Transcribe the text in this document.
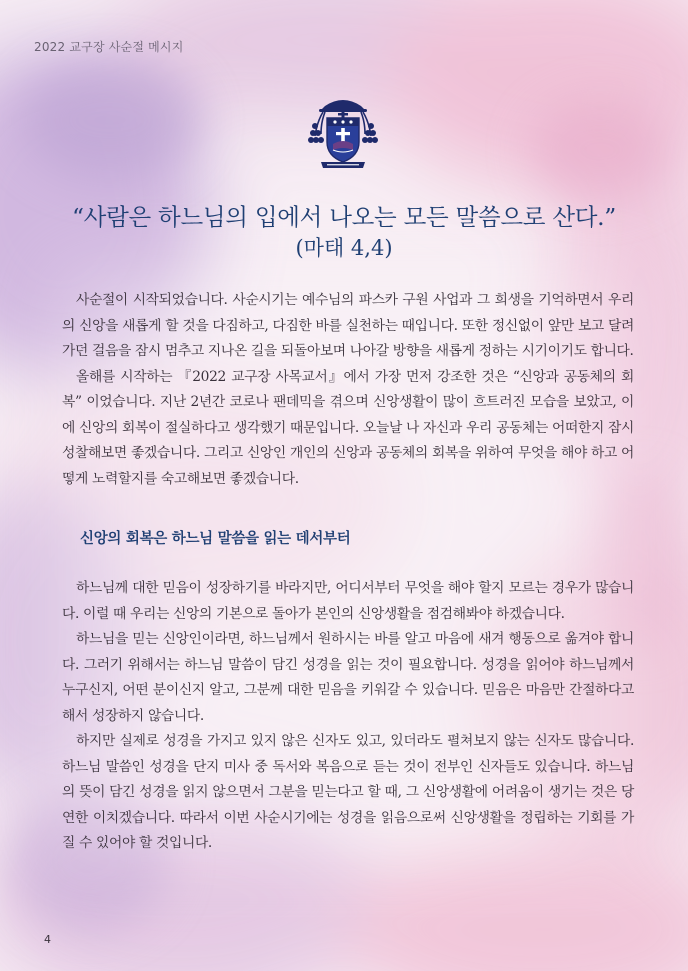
2022 교구장 사순절 메시지
“사람은 하느님의 입에서 나오는 모든 말씀으로 산다.”
(마태 4,4)

사순절이 시작되었습니다. 사순시기는 예수님의 파스카 구원 사업과 그 희생을 기억하면서 우리의 신앙을 새롭게 할 것을 다짐하고, 다짐한 바를 실천하는 때입니다. 또한 정신없이 앞만 보고 달려가던 걸음을 잠시 멈추고 지나온 길을 되돌아보며 나아갈 방향을 새롭게 정하는 시기이기도 합니다.

올해를 시작하는 『2022 교구장 사목교서』에서 가장 먼저 강조한 것은 “신앙과 공동체의 회복” 이었습니다. 지난 2년간 코로나 팬데믹을 겪으며 신앙생활이 많이 흐트러진 모습을 보았고, 이에 신앙의 회복이 절실하다고 생각했기 때문입니다. 오늘날 나 자신과 우리 공동체는 어떠한지 잠시 성찰해보면 좋겠습니다. 그리고 신앙인 개인의 신앙과 공동체의 회복을 위하여 무엇을 해야 하고 어떻게 노력할지를 숙고해보면 좋겠습니다.

신앙의 회복은 하느님 말씀을 읽는 데서부터

하느님께 대한 믿음이 성장하기를 바라지만, 어디서부터 무엇을 해야 할지 모르는 경우가 많습니다. 이럴 때 우리는 신앙의 기본으로 돌아가 본인의 신앙생활을 점검해봐야 하겠습니다.

하느님을 믿는 신앙인이라면, 하느님께서 원하시는 바를 알고 마음에 새겨 행동으로 옮겨야 합니다. 그러기 위해서는 하느님 말씀이 담긴 성경을 읽는 것이 필요합니다. 성경을 읽어야 하느님께서 누구신지, 어떤 분이신지 알고, 그분께 대한 믿음을 키워갈 수 있습니다. 믿음은 마음만 간절하다고 해서 성장하지 않습니다.

하지만 실제로 성경을 가지고 있지 않은 신자도 있고, 있더라도 펼쳐보지 않는 신자도 많습니다. 하느님 말씀인 성경을 단지 미사 중 독서와 복음으로 듣는 것이 전부인 신자들도 있습니다. 하느님의 뜻이 담긴 성경을 읽지 않으면서 그분을 믿는다고 할 때, 그 신앙생활에 어려움이 생기는 것은 당연한 이치겠습니다. 따라서 이번 사순시기에는 성경을 읽음으로써 신앙생활을 정립하는 기회를 가질 수 있어야 할 것입니다.

4
